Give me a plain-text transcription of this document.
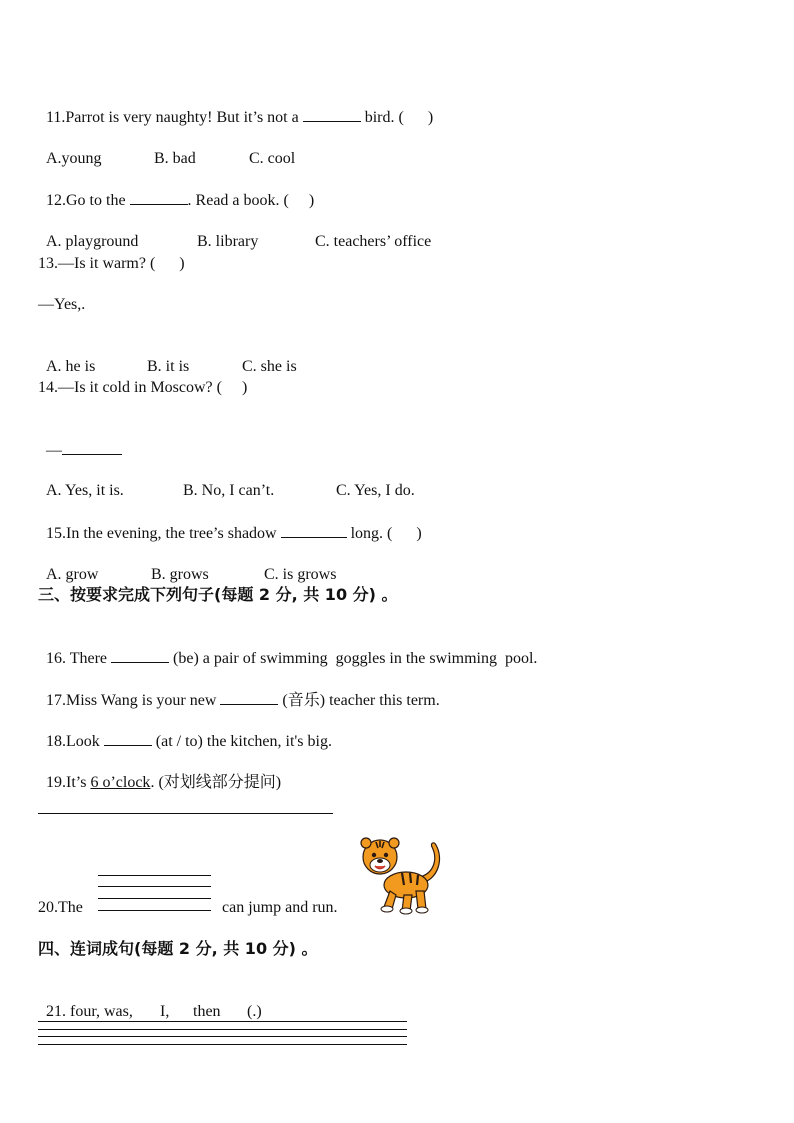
11.Parrot is very naughty! But it’s not a	bird. (      )

A.young	B. bad	C. cool

12.Go to the	. Read a book. (     )

A. playground	B. library	C. teachers’ office

13.—Is it warm? (      )
—Yes,.

A. he is	B. it is	C. she is

14.—Is it cold in Moscow? (     )

—

A. Yes, it is.	B. No, I can’t.	C. Yes, I do.

15.In the evening, the tree’s shadow	long. (      )

A. grow	B. grows	C. is grows

三、按要求完成下列句子(每题 2 分, 共 10 分) 。

16. There	(be) a pair of swimming  goggles in the swimming  pool.

17.Miss Wang is your new	(音乐) teacher this term.

18.Look	(at / to) the kitchen, it's big.

19.It’s 6 o’clock. (对划线部分提问)

20.The	can jump and run.
四、连词成句(每题 2 分, 共 10 分) 。

21. four, was, I, then (.)
